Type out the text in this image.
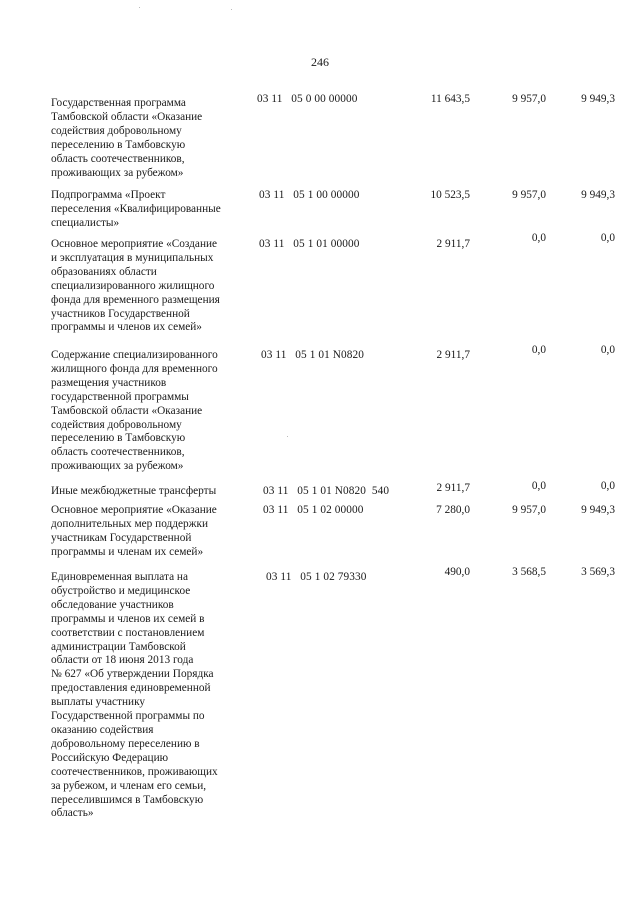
246
Государственная программа
Тамбовской области «Оказание
содействия добровольному
переселению в Тамбовскую
область соотечественников,
проживающих за рубежом»
03 11   05 0 00 00000	11 643,5	9 957,0	9 949,3
Подпрограмма «Проект
переселения «Квалифицированные
специалисты»
03 11   05 1 00 00000	10 523,5	9 957,0	9 949,3
Основное мероприятие «Создание
и эксплуатация в муниципальных
образованиях области
специализированного жилищного
фонда для временного размещения
участников Государственной
программы и членов их семей»
03 11   05 1 01 00000	2 911,7	0,0	0,0
Содержание специализированного
жилищного фонда для временного
размещения участников
государственной программы
Тамбовской области «Оказание
содействия добровольному
переселению в Тамбовскую
область соотечественников,
проживающих за рубежом»
03 11   05 1 01 N0820	2 911,7	0,0	0,0
Иные межбюджетные трансферты	03 11   05 1 01 N0820  540	2 911,7	0,0	0,0
Основное мероприятие «Оказание
дополнительных мер поддержки
участникам Государственной
программы и членам их семей»
03 11   05 1 02 00000	7 280,0	9 957,0	9 949,3
Единовременная выплата на
обустройство и медицинское
обследование участников
программы и членов их семей в
соответствии с постановлением
администрации Тамбовской
области от 18 июня 2013 года
№ 627 «Об утверждении Порядка
предоставления единовременной
выплаты участнику
Государственной программы по
оказанию содействия
добровольному переселению в
Российскую Федерацию
соотечественников, проживающих
за рубежом, и членам его семьи,
переселившимся в Тамбовскую
область»
03 11   05 1 02 79330	490,0	3 568,5	3 569,3
